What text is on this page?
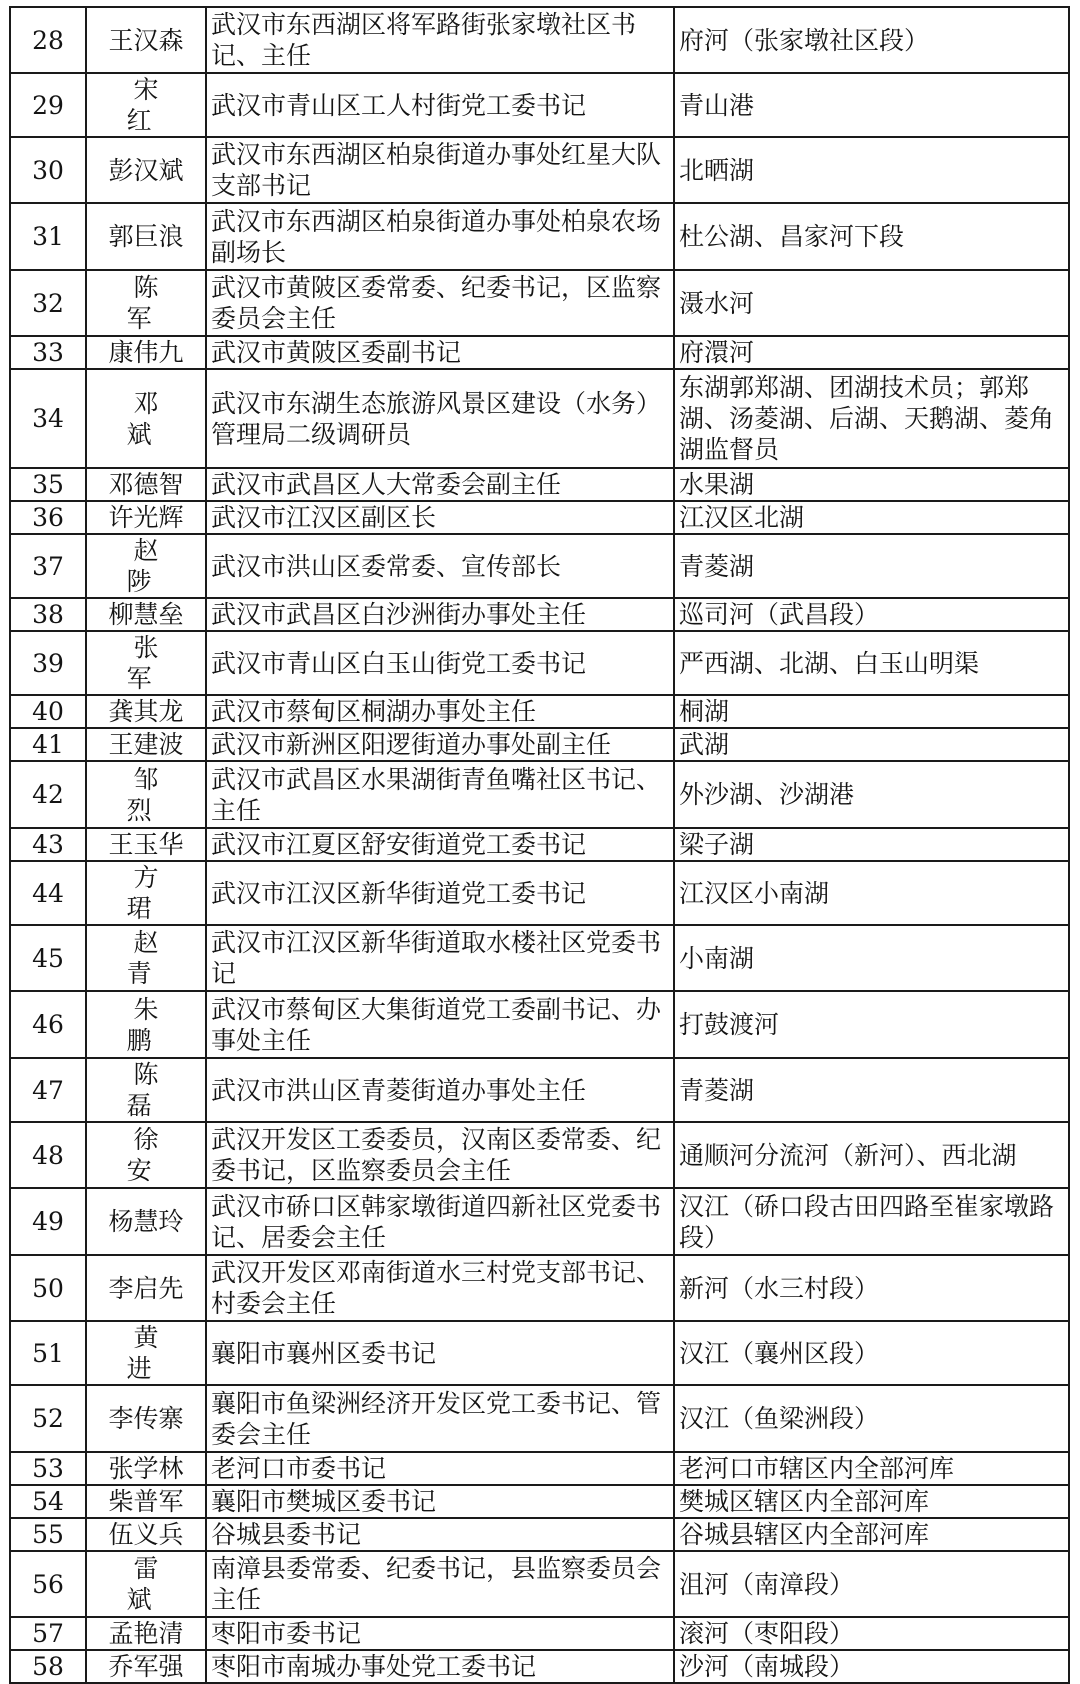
28	王汉森	武汉市东西湖区将军路街张家墩社区书记、主任	府河（张家墩社区段）
29	宋　红	武汉市青山区工人村街党工委书记	青山港
30	彭汉斌	武汉市东西湖区柏泉街道办事处红星大队支部书记	北晒湖
31	郭巨浪	武汉市东西湖区柏泉街道办事处柏泉农场副场长	杜公湖、昌家河下段
32	陈　军	武汉市黄陂区委常委、纪委书记，区监察委员会主任	滠水河
33	康伟九	武汉市黄陂区委副书记	府澴河
34	邓　斌	武汉市东湖生态旅游风景区建设（水务）管理局二级调研员	东湖郭郑湖、团湖技术员；郭郑湖、汤菱湖、后湖、天鹅湖、菱角湖监督员
35	邓德智	武汉市武昌区人大常委会副主任	水果湖
36	许光辉	武汉市江汉区副区长	江汉区北湖
37	赵　陟	武汉市洪山区委常委、宣传部长	青菱湖
38	柳慧垒	武汉市武昌区白沙洲街办事处主任	巡司河（武昌段）
39	张　军	武汉市青山区白玉山街党工委书记	严西湖、北湖、白玉山明渠
40	龚其龙	武汉市蔡甸区桐湖办事处主任	桐湖
41	王建波	武汉市新洲区阳逻街道办事处副主任	武湖
42	邹　烈	武汉市武昌区水果湖街青鱼嘴社区书记、主任	外沙湖、沙湖港
43	王玉华	武汉市江夏区舒安街道党工委书记	梁子湖
44	方　珺	武汉市江汉区新华街道党工委书记	江汉区小南湖
45	赵　青	武汉市江汉区新华街道取水楼社区党委书记	小南湖
46	朱　鹏	武汉市蔡甸区大集街道党工委副书记、办事处主任	打鼓渡河
47	陈　磊	武汉市洪山区青菱街道办事处主任	青菱湖
48	徐　安	武汉开发区工委委员，汉南区委常委、纪委书记，区监察委员会主任	通顺河分流河（新河）、西北湖
49	杨慧玲	武汉市硚口区韩家墩街道四新社区党委书记、居委会主任	汉江（硚口段古田四路至崔家墩路段）
50	李启先	武汉开发区邓南街道水三村党支部书记、村委会主任	新河（水三村段）
51	黄　进	襄阳市襄州区委书记	汉江（襄州区段）
52	李传寨	襄阳市鱼梁洲经济开发区党工委书记、管委会主任	汉江（鱼梁洲段）
53	张学林	老河口市委书记	老河口市辖区内全部河库
54	柴普军	襄阳市樊城区委书记	樊城区辖区内全部河库
55	伍义兵	谷城县委书记	谷城县辖区内全部河库
56	雷　斌	南漳县委常委、纪委书记，县监察委员会主任	沮河（南漳段）
57	孟艳清	枣阳市委书记	滚河（枣阳段）
58	乔军强	枣阳市南城办事处党工委书记	沙河（南城段）
